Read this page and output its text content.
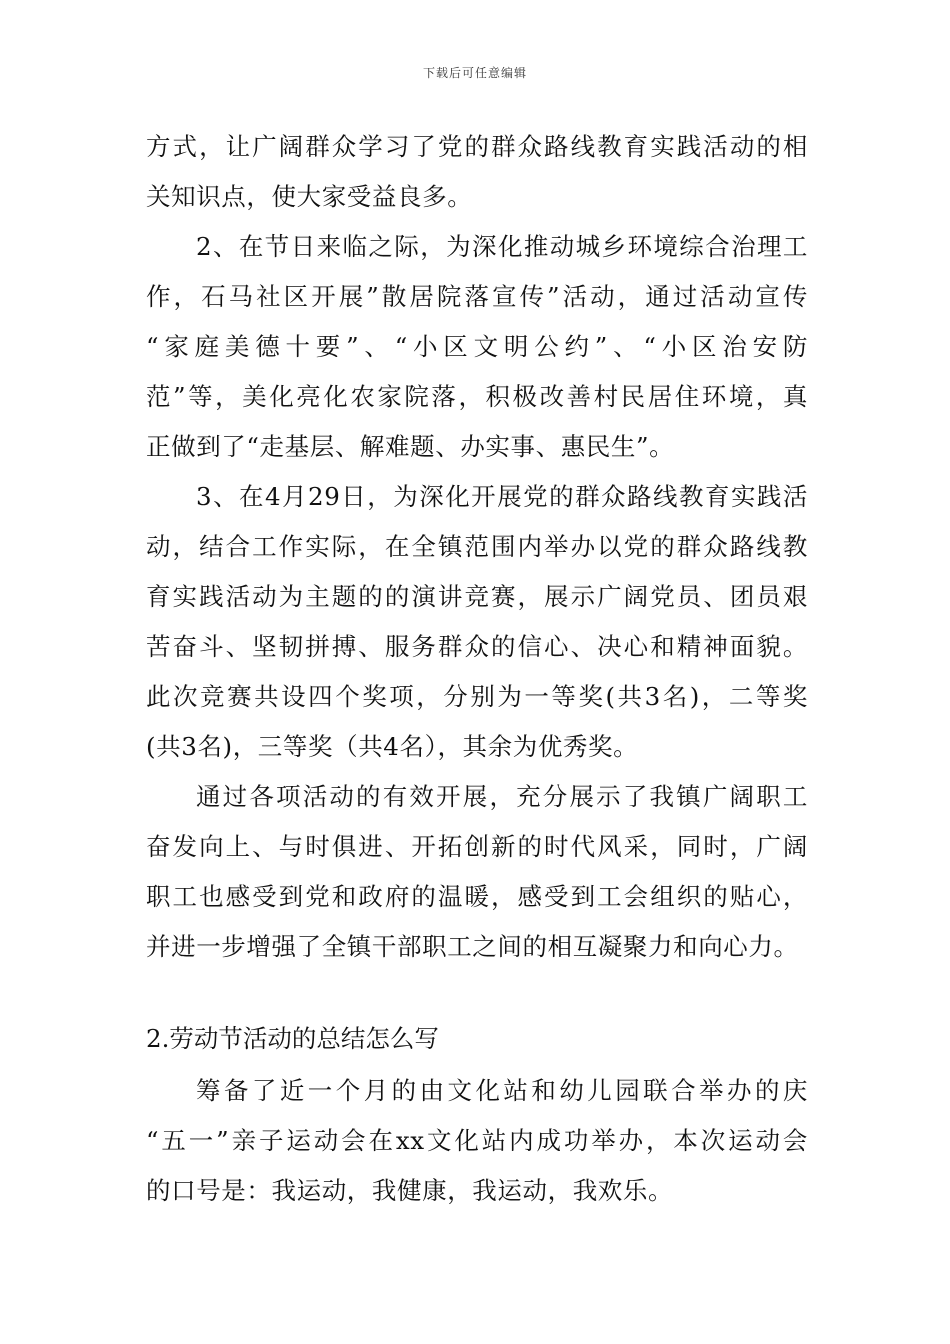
下载后可任意编辑
方式，让广阔群众学习了党的群众路线教育实践活动的相
关知识点，使大家受益良多。
2、在节日来临之际，为深化推动城乡环境综合治理工
作，石马社区开展”散居院落宣传”活动，通过活动宣传
“家庭美德十要”、“小区文明公约”、“小区治安防
范”等，美化亮化农家院落，积极改善村民居住环境，真
正做到了“走基层、解难题、办实事、惠民生”。
3、在4月29日，为深化开展党的群众路线教育实践活
动，结合工作实际，在全镇范围内举办以党的群众路线教
育实践活动为主题的的演讲竞赛，展示广阔党员、团员艰
苦奋斗、坚韧拼搏、服务群众的信心、决心和精神面貌。
此次竞赛共设四个奖项，分别为一等奖(共3名)，二等奖
(共3名)，三等奖（共4名），其余为优秀奖。
通过各项活动的有效开展，充分展示了我镇广阔职工
奋发向上、与时俱进、开拓创新的时代风采，同时，广阔
职工也感受到党和政府的温暖，感受到工会组织的贴心，
并进一步增强了全镇干部职工之间的相互凝聚力和向心力。
2.劳动节活动的总结怎么写
筹备了近一个月的由文化站和幼儿园联合举办的庆
“五一”亲子运动会在xx文化站内成功举办，本次运动会
的口号是：我运动，我健康，我运动，我欢乐。
